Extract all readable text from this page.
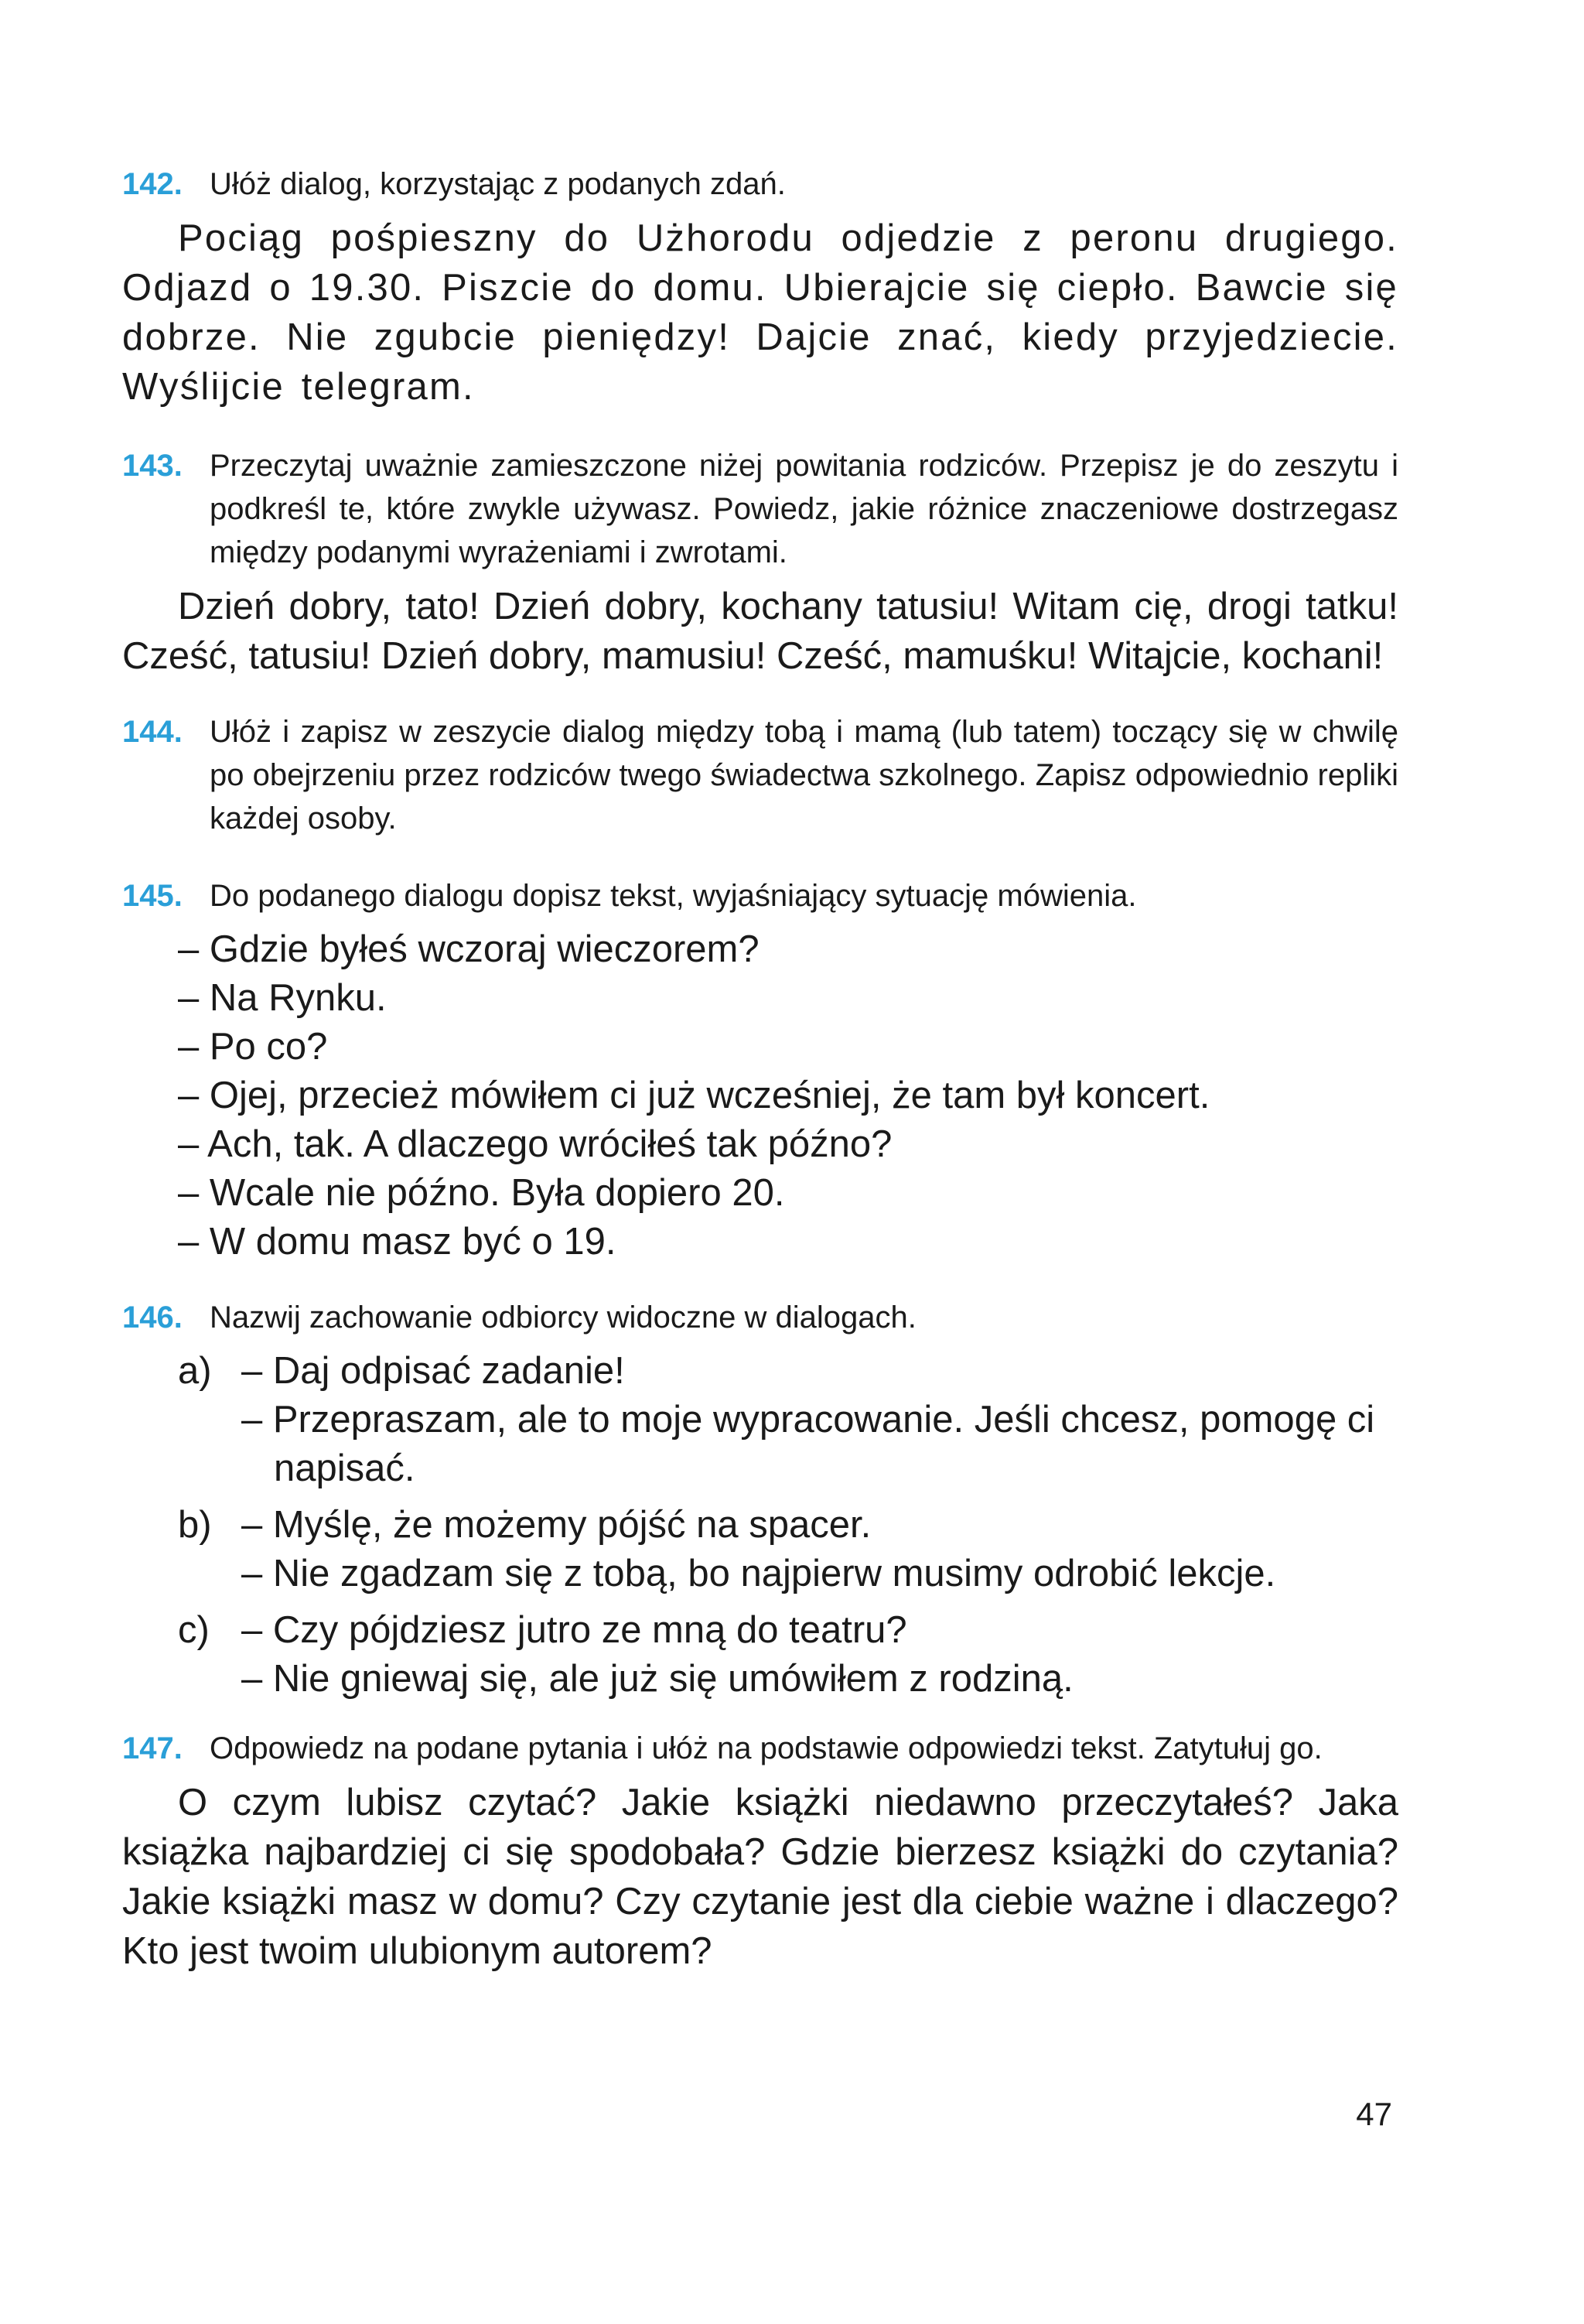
142. Ułóż dialog, korzystając z podanych zdań.
Pociąg pośpieszny do Użhorodu odjedzie z peronu drugiego. Odjazd o 19.30. Piszcie do domu. Ubierajcie się ciepło. Bawcie się dobrze. Nie zgubcie pieniędzy! Dajcie znać, kiedy przyjedziecie. Wyślijcie telegram.
143. Przeczytaj uważnie zamieszczone niżej powitania rodziców. Przepisz je do zeszytu i podkreśl te, które zwykle używasz. Powiedz, jakie różnice znaczeniowe dostrzegasz między podanymi wyrażeniami i zwrotami.
Dzień dobry, tato! Dzień dobry, kochany tatusiu! Witam cię, drogi tatku! Cześć, tatusiu! Dzień dobry, mamusiu! Cześć, mamuśku! Witajcie, kochani!
144. Ułóż i zapisz w zeszycie dialog między tobą i mamą (lub tatem) toczący się w chwilę po obejrzeniu przez rodziców twego świadectwa szkolnego. Zapisz odpowiednio repliki każdej osoby.
145. Do podanego dialogu dopisz tekst, wyjaśniający sytuację mówienia.
– Gdzie byłeś wczoraj wieczorem?
– Na Rynku.
– Po co?
– Ojej, przecież mówiłem ci już wcześniej, że tam był koncert.
– Ach, tak. A dlaczego wróciłeś tak późno?
– Wcale nie późno. Była dopiero 20.
– W domu masz być o 19.
146. Nazwij zachowanie odbiorcy widoczne w dialogach.
a) – Daj odpisać zadanie!
– Przepraszam, ale to moje wypracowanie. Jeśli chcesz, pomogę ci napisać.
b) – Myślę, że możemy pójść na spacer.
– Nie zgadzam się z tobą, bo najpierw musimy odrobić lekcje.
c) – Czy pójdziesz jutro ze mną do teatru?
– Nie gniewaj się, ale już się umówiłem z rodziną.
147. Odpowiedz na podane pytania i ułóż na podstawie odpowiedzi tekst. Zatytułuj go.
O czym lubisz czytać? Jakie książki niedawno przeczytałeś? Jaka książka najbardziej ci się spodobała? Gdzie bierzesz książki do czytania? Jakie książki masz w domu? Czy czytanie jest dla ciebie ważne i dlaczego? Kto jest twoim ulubionym autorem?
47
